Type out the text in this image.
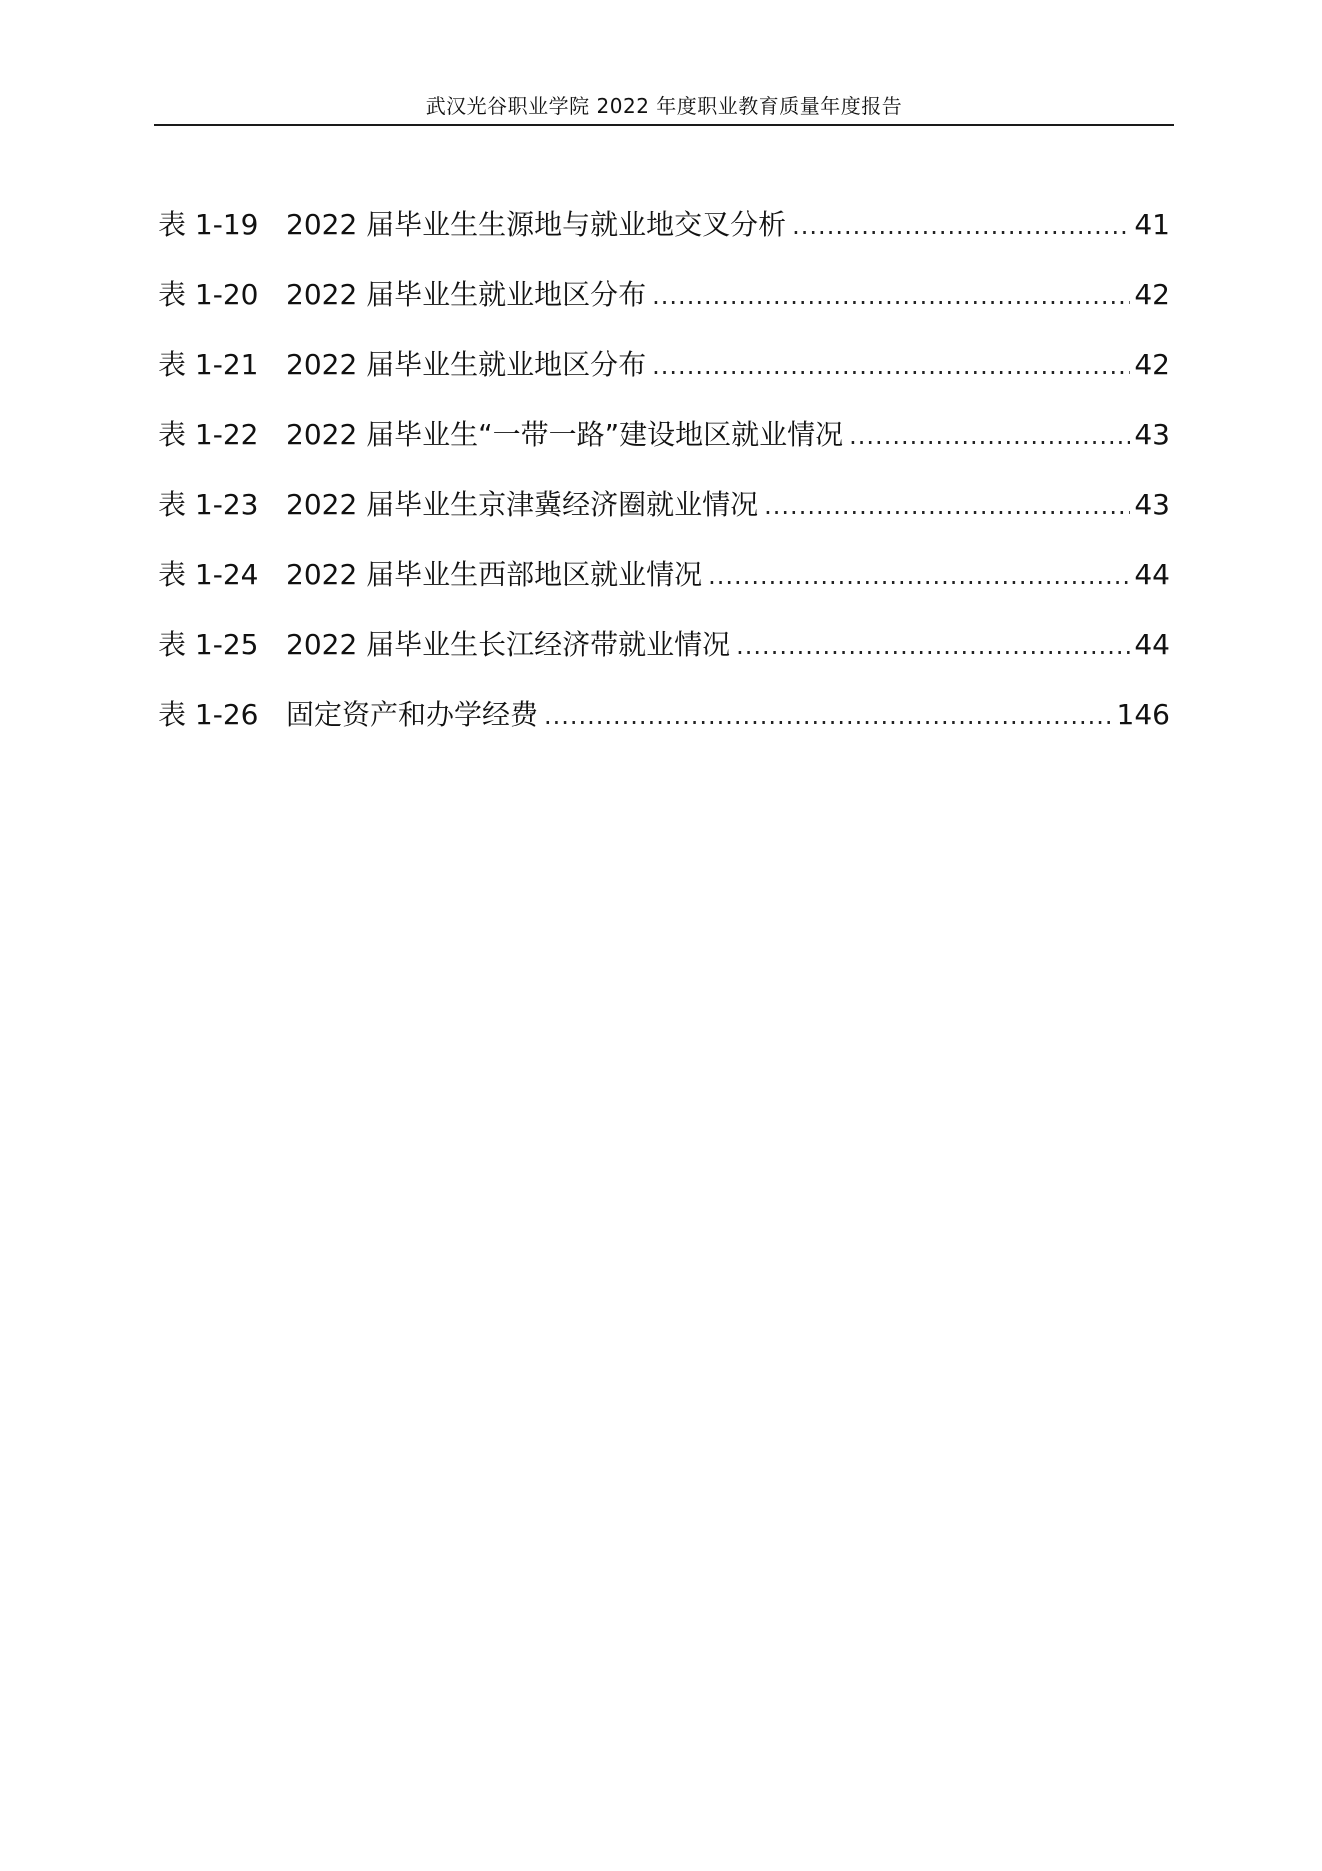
武汉光谷职业学院 2022 年度职业教育质量年度报告
表 1-19 2022 届毕业生生源地与就业地交叉分析 .....	41
表 1-20 2022 届毕业生就业地区分布 .....	42
表 1-21 2022 届毕业生就业地区分布 .....	42
表 1-22 2022 届毕业生“一带一路”建设地区就业情况 .....	43
表 1-23 2022 届毕业生京津冀经济圈就业情况 .....	43
表 1-24 2022 届毕业生西部地区就业情况 .....	44
表 1-25 2022 届毕业生长江经济带就业情况 .....	44
表 1-26 固定资产和办学经费 .....	146
